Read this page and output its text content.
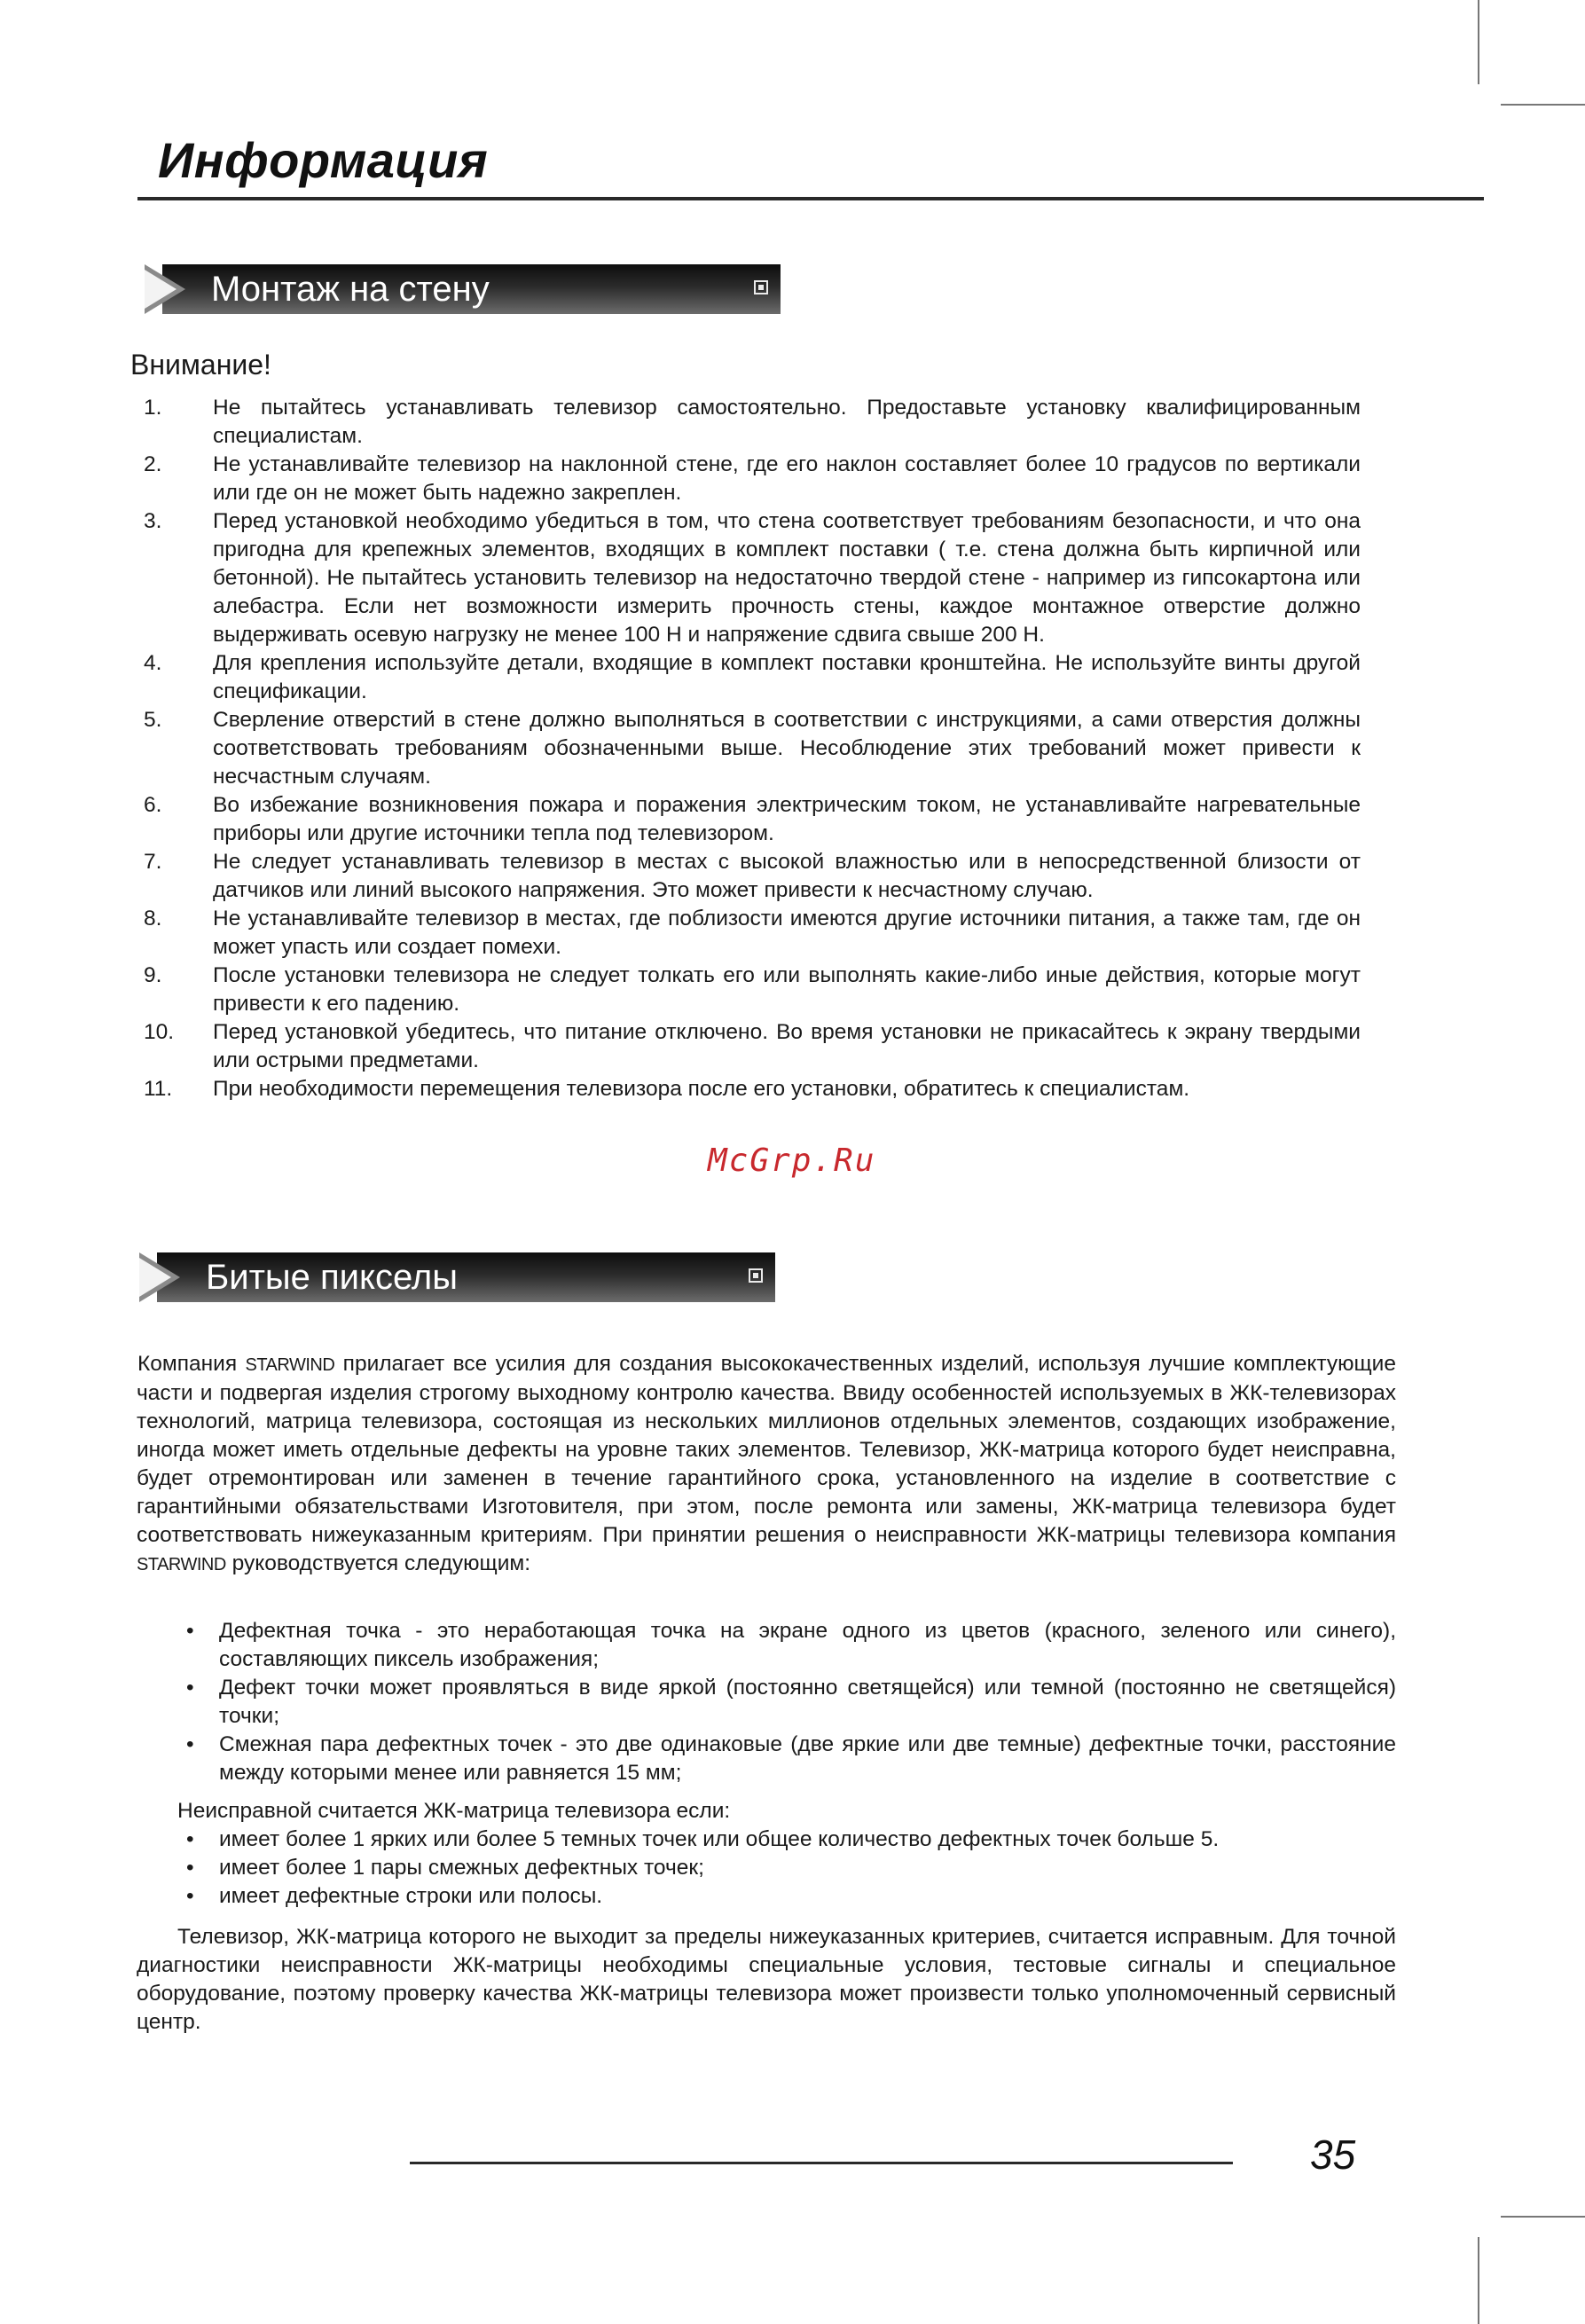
Информация
Монтаж на стену
Внимание!
1. Не пытайтесь устанавливать телевизор самостоятельно. Предоставьте установку квалифицированным специалистам.
2. Не устанавливайте телевизор на наклонной стене, где его наклон составляет более 10 градусов по вертикали или где он не может быть надежно закреплен.
3. Перед установкой необходимо убедиться в том, что стена соответствует требованиям безопасности, и что она пригодна для крепежных элементов, входящих в комплект поставки ( т.е. стена должна быть кирпичной или бетонной). Не пытайтесь установить телевизор на недостаточно твердой стене - например из гипсокартона или алебастра. Если нет возможности измерить прочность стены, каждое монтажное отверстие должно выдерживать осевую нагрузку не менее 100 Н и напряжение сдвига свыше 200 Н.
4. Для крепления используйте детали, входящие в комплект поставки кронштейна. Не используйте винты другой спецификации.
5. Сверление отверстий в стене должно выполняться в соответствии с инструкциями, а сами отверстия должны соответствовать требованиям обозначенными выше. Несоблюдение этих требований может привести к несчастным случаям.
6. Во избежание возникновения пожара и поражения электрическим током, не устанавливайте нагревательные приборы или другие источники тепла под телевизором.
7. Не следует устанавливать телевизор в местах с высокой влажностью или в непосредственной близости от датчиков или линий высокого напряжения. Это может привести к несчастному случаю.
8. Не устанавливайте телевизор в местах, где поблизости имеются другие источники питания, а также там, где он может упасть или создает помехи.
9. После установки телевизора не следует толкать его или выполнять какие-либо иные действия, которые могут привести к его падению.
10. Перед установкой убедитесь, что питание отключено. Во время установки не прикасайтесь к экрану твердыми или острыми предметами.
11. При необходимости перемещения телевизора после его установки, обратитесь к специалистам.
McGrp.Ru
Битые пикселы

Компания STARWIND прилагает все усилия для создания высококачественных изделий, используя лучшие комплектующие части и подвергая изделия строгому выходному контролю качества. Ввиду особенностей используемых в ЖК-телевизорах технологий, матрица телевизора, состоящая из нескольких миллионов отдельных элементов, создающих изображение, иногда может иметь отдельные дефекты на уровне таких элементов. Телевизор, ЖК-матрица которого будет неисправна, будет отремонтирован или заменен в течение гарантийного срока, установленного на изделие в соответствие с гарантийными обязательствами Изготовителя, при этом, после ремонта или замены, ЖК-матрица телевизора будет соответствовать нижеуказанным критериям. При принятии решения о неисправности ЖК-матрицы телевизора компания STARWIND руководствуется следующим:

• Дефектная точка - это неработающая точка на экране одного из цветов (красного, зеленого или синего), составляющих пиксель изображения;
• Дефект точки может проявляться в виде яркой (постоянно светящейся) или темной (постоянно не светящейся) точки;
• Смежная пара дефектных точек - это две одинаковые (две яркие или две темные) дефектные точки, расстояние между которыми менее или равняется 15 мм;

Неисправной считается ЖК-матрица телевизора если:

• имеет более 1 ярких или более 5 темных точек или общее количество дефектных точек больше 5.
• имеет более 1 пары смежных дефектных точек;
• имеет дефектные строки или полосы.

Телевизор, ЖК-матрица которого не выходит за пределы нижеуказанных критериев, считается исправным. Для точной диагностики неисправности ЖК-матрицы необходимы специальные условия, тестовые сигналы и специальное оборудование, поэтому проверку качества ЖК-матрицы телевизора может произвести только уполномоченный сервисный центр.

35
